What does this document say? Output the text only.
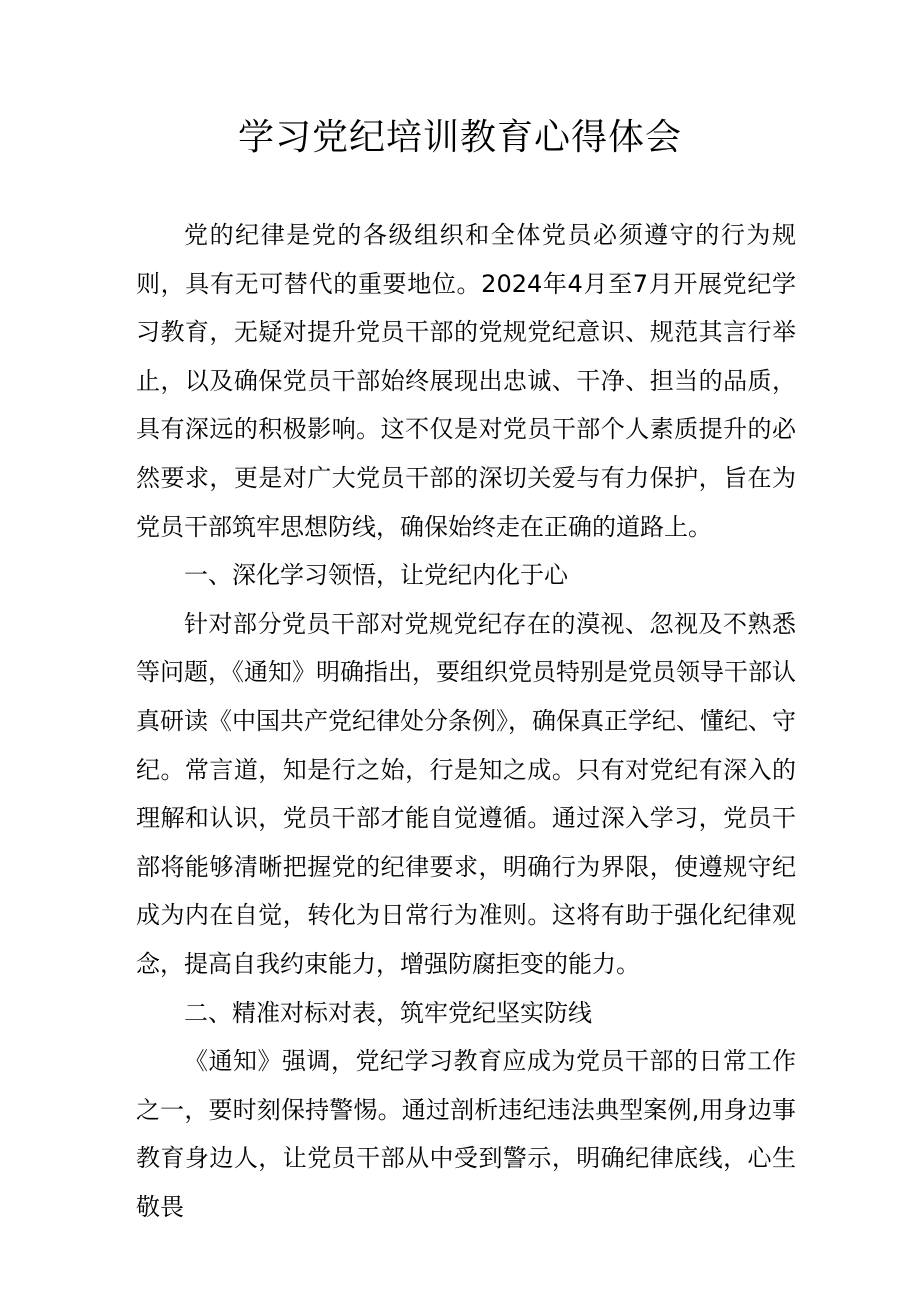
学习党纪培训教育心得体会

党的纪律是党的各级组织和全体党员必须遵守的行为规则，具有无可替代的重要地位。2024年4月至7月开展党纪学习教育，无疑对提升党员干部的党规党纪意识、规范其言行举止，以及确保党员干部始终展现出忠诚、干净、担当的品质，具有深远的积极影响。这不仅是对党员干部个人素质提升的必然要求，更是对广大党员干部的深切关爱与有力保护，旨在为党员干部筑牢思想防线，确保始终走在正确的道路上。

一、深化学习领悟，让党纪内化于心

针对部分党员干部对党规党纪存在的漠视、忽视及不熟悉等问题，《通知》明确指出，要组织党员特别是党员领导干部认真研读《中国共产党纪律处分条例》，确保真正学纪、懂纪、守纪。常言道，知是行之始，行是知之成。只有对党纪有深入的理解和认识，党员干部才能自觉遵循。通过深入学习，党员干部将能够清晰把握党的纪律要求，明确行为界限，使遵规守纪成为内在自觉，转化为日常行为准则。这将有助于强化纪律观念，提高自我约束能力，增强防腐拒变的能力。

二、精准对标对表，筑牢党纪坚实防线

《通知》强调，党纪学习教育应成为党员干部的日常工作之一，要时刻保持警惕。通过剖析违纪违法典型案例,用身边事教育身边人，让党员干部从中受到警示，明确纪律底线，心生敬畏
